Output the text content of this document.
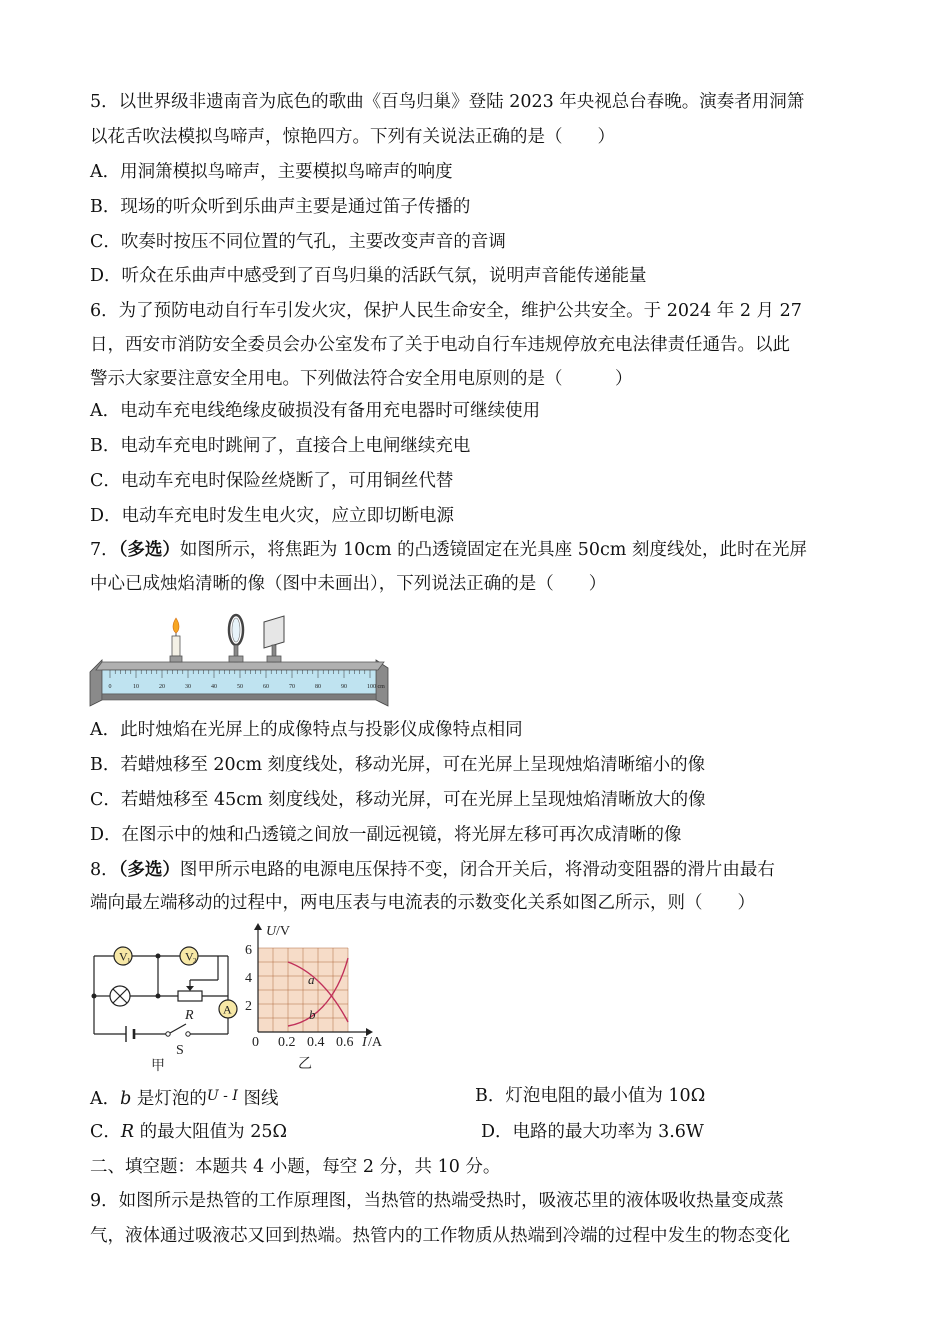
5．以世界级非遗南音为底色的歌曲《百鸟归巢》登陆 2023 年央视总台春晚。演奏者用洞箫
以花舌吹法模拟鸟啼声，惊艳四方。下列有关说法正确的是（　　）
A．用洞箫模拟鸟啼声，主要模拟鸟啼声的响度
B．现场的听众听到乐曲声主要是通过笛子传播的
C．吹奏时按压不同位置的气孔，主要改变声音的音调
D．听众在乐曲声中感受到了百鸟归巢的活跃气氛，说明声音能传递能量
6．为了预防电动自行车引发火灾，保护人民生命安全，维护公共安全。于 2024 年 2 月 27
日，西安市消防安全委员会办公室发布了关于电动自行车违规停放充电法律责任通告。以此
警示大家要注意安全用电。下列做法符合安全用电原则的是（　　　）
A．电动车充电线绝缘皮破损没有备用充电器时可继续使用
B．电动车充电时跳闸了，直接合上电闸继续充电
C．电动车充电时保险丝烧断了，可用铜丝代替
D．电动车充电时发生电火灾，应立即切断电源
7．（多选）如图所示，将焦距为 10cm 的凸透镜固定在光具座 50cm 刻度线处，此时在光屏
中心已成烛焰清晰的像（图中未画出），下列说法正确的是（　　）
0	10	20	30	40	50	60	70	80	90	100 cm
A．此时烛焰在光屏上的成像特点与投影仪成像特点相同
B．若蜡烛移至 20cm 刻度线处，移动光屏，可在光屏上呈现烛焰清晰缩小的像
C．若蜡烛移至 45cm 刻度线处，移动光屏，可在光屏上呈现烛焰清晰放大的像
D．在图示中的烛和凸透镜之间放一副远视镜，将光屏左移可再次成清晰的像
8．（多选）图甲所示电路的电源电压保持不变，闭合开关后，将滑动变阻器的滑片由最右
端向最左端移动的过程中，两电压表与电流表的示数变化关系如图乙所示，则（　　）
V 1	V 2
R A
S
甲
U /V
I /A
6
4
2
0 0.2 0.4 0.6
a
b
乙
A．b 是灯泡的$^U$ - $^I$ 图线	B．灯泡电阻的最小值为 10Ω
C．R 的最大阻值为 25Ω	D．电路的最大功率为 3.6W
二、填空题：本题共 4 小题，每空 2 分，共 10 分。
9．如图所示是热管的工作原理图，当热管的热端受热时，吸液芯里的液体吸收热量变成蒸
气，液体通过吸液芯又回到热端。热管内的工作物质从热端到冷端的过程中发生的物态变化
